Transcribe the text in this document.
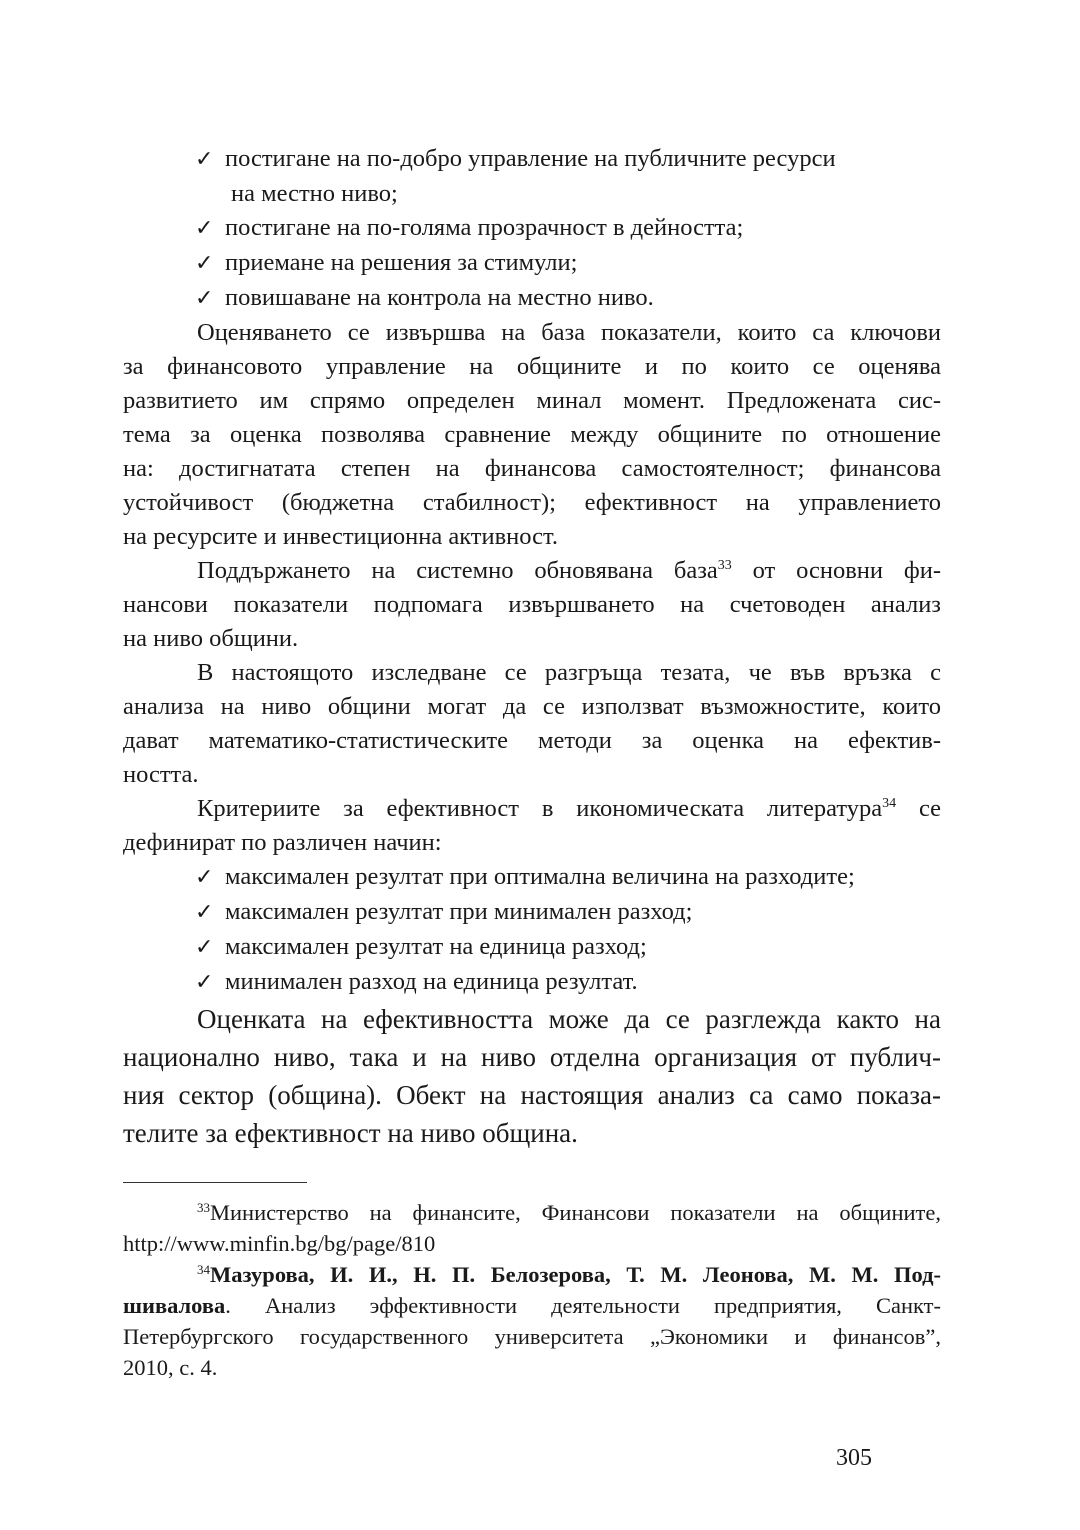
✓ постигане на по-добро управление на публичните ресурси
на местно ниво;
✓ постигане на по-голяма прозрачност в дейността;
✓ приемане на решения за стимули;
✓ повишаване на контрола на местно ниво.
Оценяването се извършва на база показатели, които са ключови
за финансовото управление на общините и по които се оценява
развитието им спрямо определен минал момент. Предложената сис-
тема за оценка позволява сравнение между общините по отношение
на: достигнатата степен на финансова самостоятелност; финансова
устойчивост (бюджетна стабилност); ефективност на управлението
на ресурсите и инвестиционна активност.
Поддържането на системно обновявана база$^{33}$ от основни фи-
нансови показатели подпомага извършването на счетоводен анализ
на ниво общини.
В настоящото изследване се разгръща тезата, че във връзка с
анализа на ниво общини могат да се използват възможностите, които
дават математико-статистическите методи за оценка на ефектив-
ността.
Критериите за ефективност в икономическата литература$^{34}$ се
дефинират по различен начин:
✓ максимален резултат при оптимална величина на разходите;
✓ максимален резултат при минимален разход;
✓ максимален резултат на единица разход;
✓ минимален разход на единица резултат.
Оценката на ефективността може да се разглежда както на
национално ниво, така и на ниво отделна организация от публич-
ния сектор (община). Обект на настоящия анализ са само показа-
телите за ефективност на ниво община.
$^{33}$Министерство на финансите, Финансови показатели на общините,
http://www.minfin.bg/bg/page/810
$^{34}$Мазурова, И. И., Н. П. Белозерова, Т. М. Леонова, М. М. Под-
шивалова. Анализ эффективности деятельности предприятия, Санкт-
Петербургского государственного университета „Экономики и финансов”,
2010, с. 4.
305
